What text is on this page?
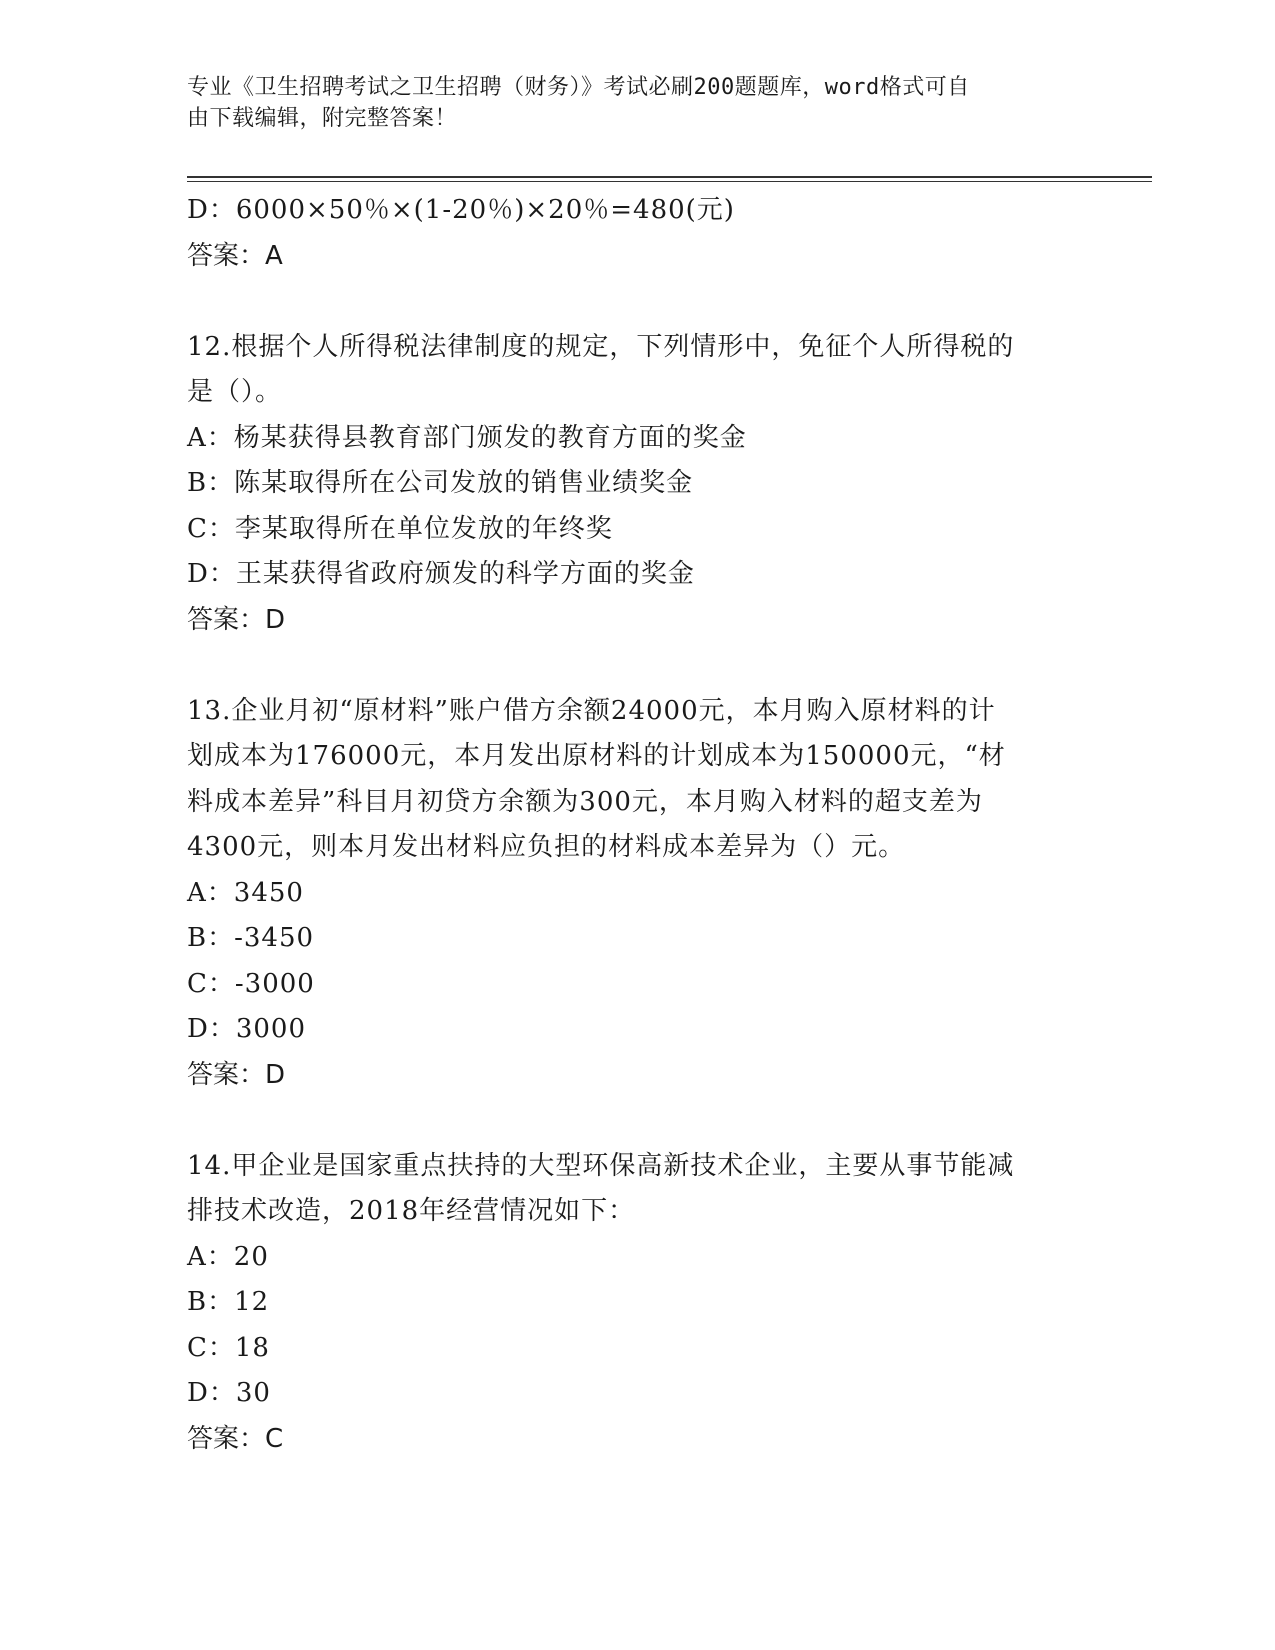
专业《卫生招聘考试之卫生招聘（财务）》考试必刷200题题库，word格式可自
由下载编辑，附完整答案！
D：6000×50％×(1-20％)×20％=480(元)
答案：A
12.根据个人所得税法律制度的规定，下列情形中，免征个人所得税的
是（）。
A：杨某获得县教育部门颁发的教育方面的奖金
B：陈某取得所在公司发放的销售业绩奖金
C：李某取得所在单位发放的年终奖
D：王某获得省政府颁发的科学方面的奖金
答案：D
13.企业月初“原材料”账户借方余额24000元，本月购入原材料的计
划成本为176000元，本月发出原材料的计划成本为150000元，“材
料成本差异”科目月初贷方余额为300元，本月购入材料的超支差为
4300元，则本月发出材料应负担的材料成本差异为（）元。
A：3450
B：-3450
C：-3000
D：3000
答案：D
14.甲企业是国家重点扶持的大型环保高新技术企业，主要从事节能减
排技术改造，2018年经营情况如下：
A：20
B：12
C：18
D：30
答案：C
